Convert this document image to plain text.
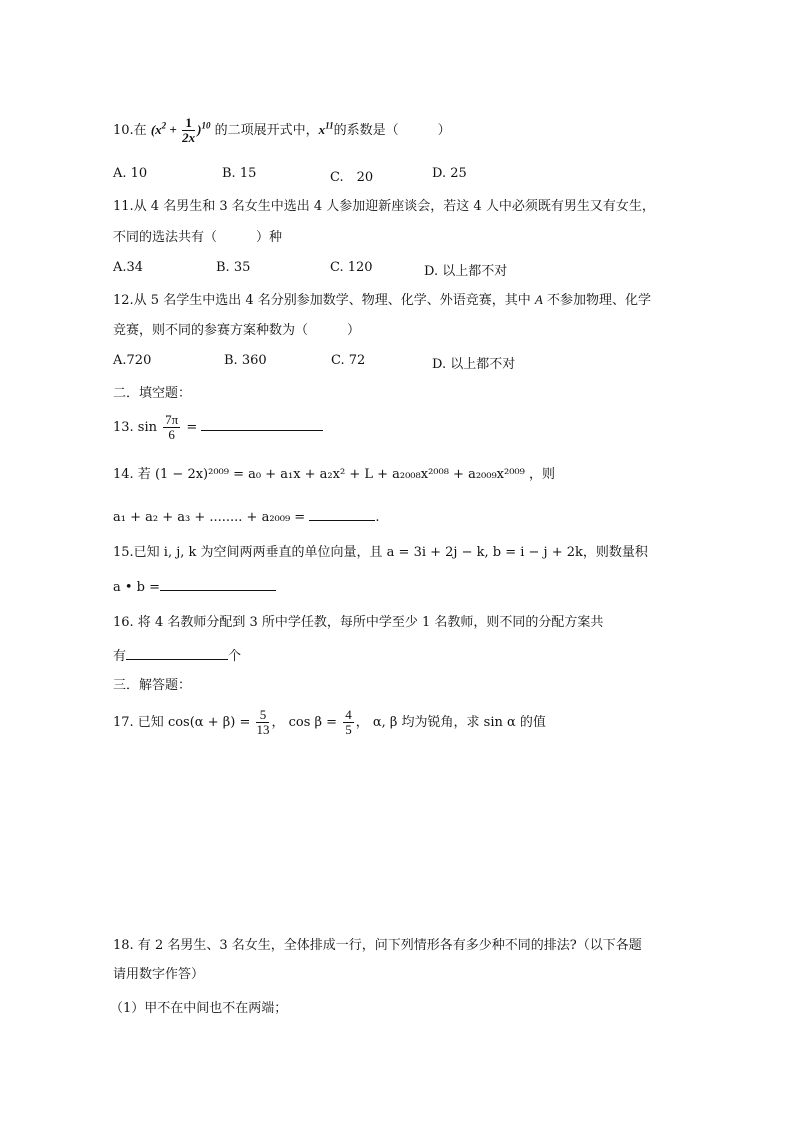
10.在 $(x^2 + \frac{1}{2x} )^{10}$ 的二项展开式中，$x^{11}$的系数是（　　　）
A. 10	B. 15	C.　20	D. 25
11.从 4 名男生和 3 名女生中选出 4 人参加迎新座谈会，若这 4 人中必须既有男生又有女生，
不同的选法共有（　　　）种
A.34	B. 35	C. 120	D. 以上都不对
12.从 5 名学生中选出 4 名分别参加数学、物理、化学、外语竞赛，其中 A 不参加物理、化学
竞赛，则不同的参赛方案种数为（　　　）
A.720	B. 360	C. 72	D. 以上都不对
二．填空题：
13. $\sin \frac{7\pi}{6}$ =
14. 若 (1 − 2x)²⁰⁰⁹ = a₀ + a₁x + a₂x² + L + a₂₀₀₈x²⁰⁰⁸ + a₂₀₀₉x²⁰⁰⁹ ，则
a₁ + a₂ + a₃ + ........ + a₂₀₀₉ =	.
15.已知 i, j, k 为空间两两垂直的单位向量，且 a = 3i + 2j − k, b = i − j + 2k，则数量积
a • b =
16. 将 4 名教师分配到 3 所中学任教，每所中学至少 1 名教师，则不同的分配方案共
有	个
三．解答题：
17. 已知 $\cos(\alpha + \beta) = \frac{5}{13}$ ， $\cos \beta = \frac{4}{5}$ ， α, β 均为锐角，求 sin α 的值
18. 有 2 名男生、3 名女生，全体排成一行，问下列情形各有多少种不同的排法?（以下各题
请用数字作答）
（1）甲不在中间也不在两端；
